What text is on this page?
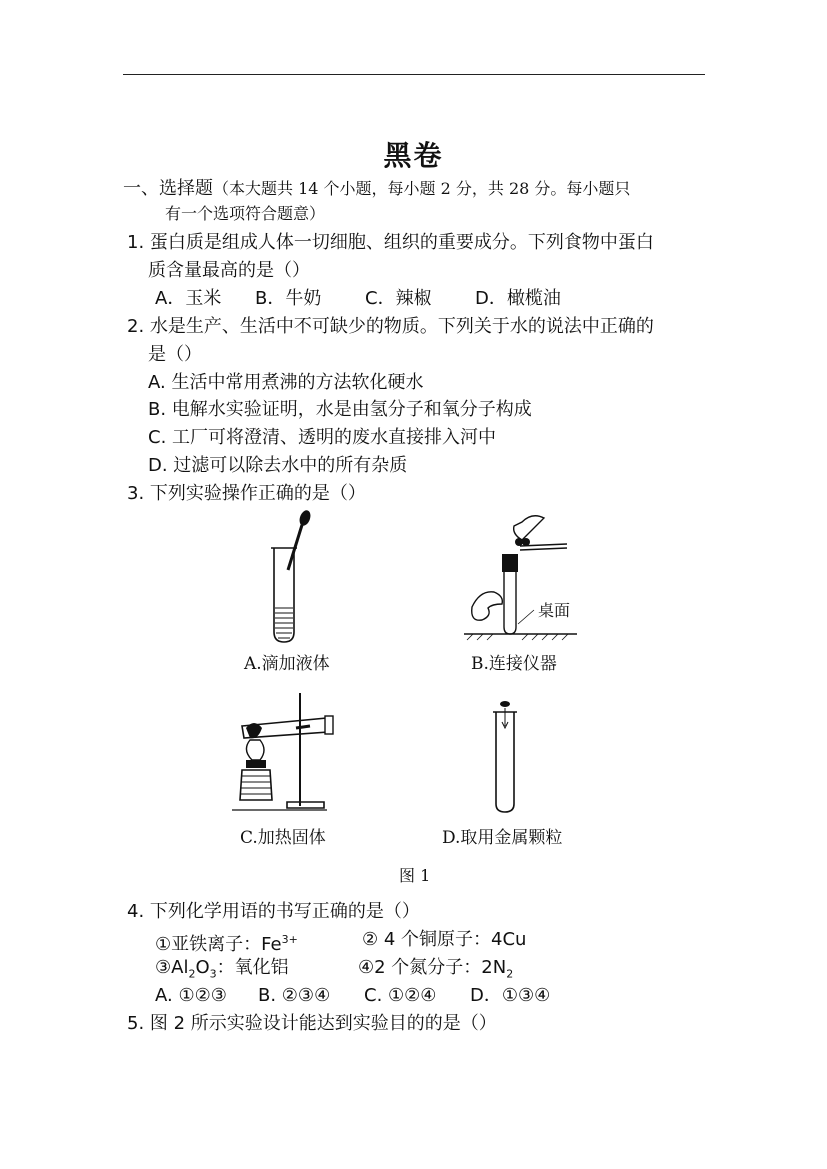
黑卷
一、选择题（本大题共 14 个小题，每小题 2 分，共 28 分。每小题只
有一个选项符合题意）
1. 蛋白质是组成人体一切细胞、组织的重要成分。下列食物中蛋白
质含量最高的是（）
A．玉米 B．牛奶 C．辣椒 D．橄榄油
2. 水是生产、生活中不可缺少的物质。下列关于水的说法中正确的
是（）
A. 生活中常用煮沸的方法软化硬水
B. 电解水实验证明，水是由氢分子和氧分子构成
C. 工厂可将澄清、透明的废水直接排入河中
D. 过滤可以除去水中的所有杂质
3. 下列实验操作正确的是（）
A.滴加液体
桌面
B.连接仪器
C.加热固体	D.取用金属颗粒
图 1
4. 下列化学用语的书写正确的是（）
①亚铁离子：$Fe^{3+}$	② 4 个铜原子：4Cu
$③Al_2O_3$：氧化铝	④2 个氮分子：$2N_2$
A. ①②③ B. ②③④ C. ①②④ D．①③④
5. 图 2 所示实验设计能达到实验目的的是（）
